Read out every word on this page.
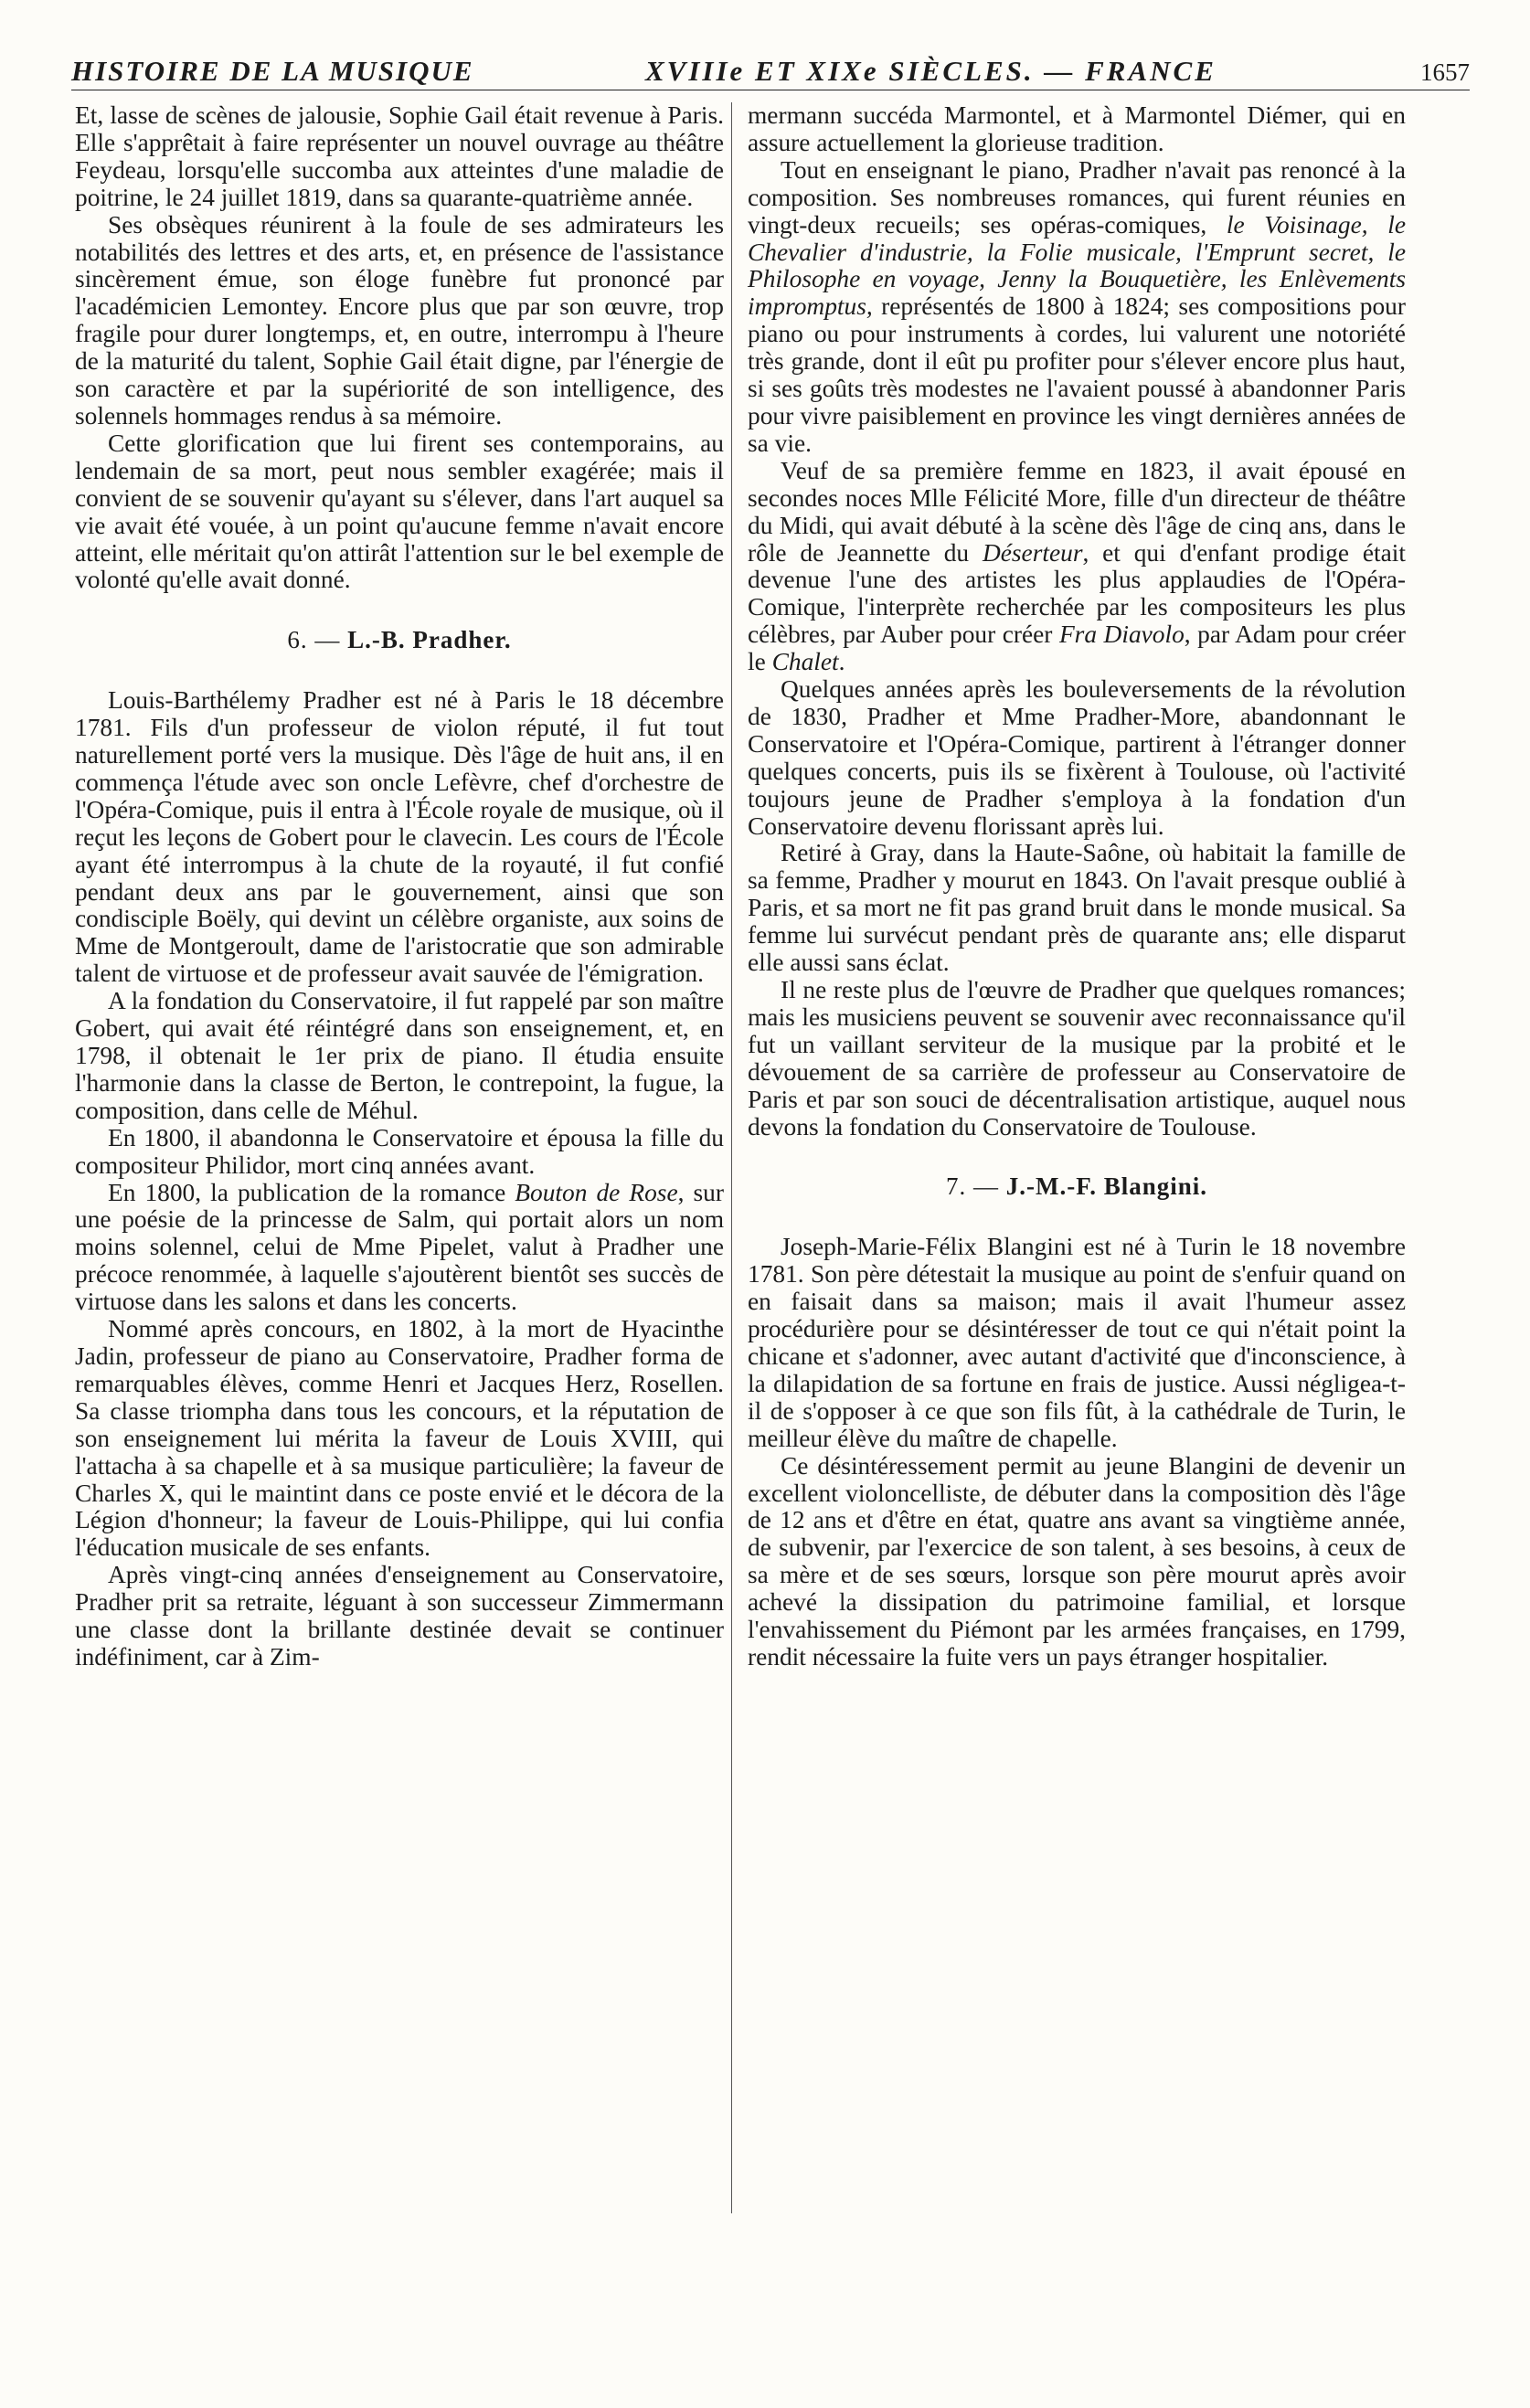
HISTOIRE DE LA MUSIQUE	XVIIIe ET XIXe SIÈCLES. — FRANCE	1657

Et, lasse de scènes de jalousie, Sophie Gail était revenue à Paris. Elle s'apprêtait à faire représenter un nouvel ouvrage au théâtre Feydeau, lorsqu'elle succomba aux atteintes d'une maladie de poitrine, le 24 juillet 1819, dans sa quarante-quatrième année.

Ses obsèques réunirent à la foule de ses admirateurs les notabilités des lettres et des arts, et, en présence de l'assistance sincèrement émue, son éloge funèbre fut prononcé par l'académicien Lemontey. Encore plus que par son œuvre, trop fragile pour durer longtemps, et, en outre, interrompu à l'heure de la maturité du talent, Sophie Gail était digne, par l'énergie de son caractère et par la supériorité de son intelligence, des solennels hommages rendus à sa mémoire.

Cette glorification que lui firent ses contemporains, au lendemain de sa mort, peut nous sembler exagérée; mais il convient de se souvenir qu'ayant su s'élever, dans l'art auquel sa vie avait été vouée, à un point qu'aucune femme n'avait encore atteint, elle méritait qu'on attirât l'attention sur le bel exemple de volonté qu'elle avait donné.

6. — L.-B. Pradher.

Louis-Barthélemy Pradher est né à Paris le 18 décembre 1781. Fils d'un professeur de violon réputé, il fut tout naturellement porté vers la musique. Dès l'âge de huit ans, il en commença l'étude avec son oncle Lefèvre, chef d'orchestre de l'Opéra-Comique, puis il entra à l'École royale de musique, où il reçut les leçons de Gobert pour le clavecin. Les cours de l'École ayant été interrompus à la chute de la royauté, il fut confié pendant deux ans par le gouvernement, ainsi que son condisciple Boëly, qui devint un célèbre organiste, aux soins de Mme de Montgeroult, dame de l'aristocratie que son admirable talent de virtuose et de professeur avait sauvée de l'émigration.

A la fondation du Conservatoire, il fut rappelé par son maître Gobert, qui avait été réintégré dans son enseignement, et, en 1798, il obtenait le 1er prix de piano. Il étudia ensuite l'harmonie dans la classe de Berton, le contrepoint, la fugue, la composition, dans celle de Méhul.

En 1800, il abandonna le Conservatoire et épousa la fille du compositeur Philidor, mort cinq années avant.

En 1800, la publication de la romance Bouton de Rose, sur une poésie de la princesse de Salm, qui portait alors un nom moins solennel, celui de Mme Pipelet, valut à Pradher une précoce renommée, à laquelle s'ajoutèrent bientôt ses succès de virtuose dans les salons et dans les concerts.

Nommé après concours, en 1802, à la mort de Hyacinthe Jadin, professeur de piano au Conservatoire, Pradher forma de remarquables élèves, comme Henri et Jacques Herz, Rosellen. Sa classe triompha dans tous les concours, et la réputation de son enseignement lui mérita la faveur de Louis XVIII, qui l'attacha à sa chapelle et à sa musique particulière; la faveur de Charles X, qui le maintint dans ce poste envié et le décora de la Légion d'honneur; la faveur de Louis-Philippe, qui lui confia l'éducation musicale de ses enfants.

Après vingt-cinq années d'enseignement au Conservatoire, Pradher prit sa retraite, léguant à son successeur Zimmermann une classe dont la brillante destinée devait se continuer indéfiniment, car à Zim-

mermann succéda Marmontel, et à Marmontel Diémer, qui en assure actuellement la glorieuse tradition.

Tout en enseignant le piano, Pradher n'avait pas renoncé à la composition. Ses nombreuses romances, qui furent réunies en vingt-deux recueils; ses opéras-comiques, le Voisinage, le Chevalier d'industrie, la Folie musicale, l'Emprunt secret, le Philosophe en voyage, Jenny la Bouquetière, les Enlèvements impromptus, représentés de 1800 à 1824; ses compositions pour piano ou pour instruments à cordes, lui valurent une notoriété très grande, dont il eût pu profiter pour s'élever encore plus haut, si ses goûts très modestes ne l'avaient poussé à abandonner Paris pour vivre paisiblement en province les vingt dernières années de sa vie.

Veuf de sa première femme en 1823, il avait épousé en secondes noces Mlle Félicité More, fille d'un directeur de théâtre du Midi, qui avait débuté à la scène dès l'âge de cinq ans, dans le rôle de Jeannette du Déserteur, et qui d'enfant prodige était devenue l'une des artistes les plus applaudies de l'Opéra-Comique, l'interprète recherchée par les compositeurs les plus célèbres, par Auber pour créer Fra Diavolo, par Adam pour créer le Chalet.

Quelques années après les bouleversements de la révolution de 1830, Pradher et Mme Pradher-More, abandonnant le Conservatoire et l'Opéra-Comique, partirent à l'étranger donner quelques concerts, puis ils se fixèrent à Toulouse, où l'activité toujours jeune de Pradher s'employa à la fondation d'un Conservatoire devenu florissant après lui.

Retiré à Gray, dans la Haute-Saône, où habitait la famille de sa femme, Pradher y mourut en 1843. On l'avait presque oublié à Paris, et sa mort ne fit pas grand bruit dans le monde musical. Sa femme lui survécut pendant près de quarante ans; elle disparut elle aussi sans éclat.

Il ne reste plus de l'œuvre de Pradher que quelques romances; mais les musiciens peuvent se souvenir avec reconnaissance qu'il fut un vaillant serviteur de la musique par la probité et le dévouement de sa carrière de professeur au Conservatoire de Paris et par son souci de décentralisation artistique, auquel nous devons la fondation du Conservatoire de Toulouse.

7. — J.-M.-F. Blangini.

Joseph-Marie-Félix Blangini est né à Turin le 18 novembre 1781. Son père détestait la musique au point de s'enfuir quand on en faisait dans sa maison; mais il avait l'humeur assez procédurière pour se désintéresser de tout ce qui n'était point la chicane et s'adonner, avec autant d'activité que d'inconscience, à la dilapidation de sa fortune en frais de justice. Aussi négligea-t-il de s'opposer à ce que son fils fût, à la cathédrale de Turin, le meilleur élève du maître de chapelle.

Ce désintéressement permit au jeune Blangini de devenir un excellent violoncelliste, de débuter dans la composition dès l'âge de 12 ans et d'être en état, quatre ans avant sa vingtième année, de subvenir, par l'exercice de son talent, à ses besoins, à ceux de sa mère et de ses sœurs, lorsque son père mourut après avoir achevé la dissipation du patrimoine familial, et lorsque l'envahissement du Piémont par les armées françaises, en 1799, rendit nécessaire la fuite vers un pays étranger hospitalier.
